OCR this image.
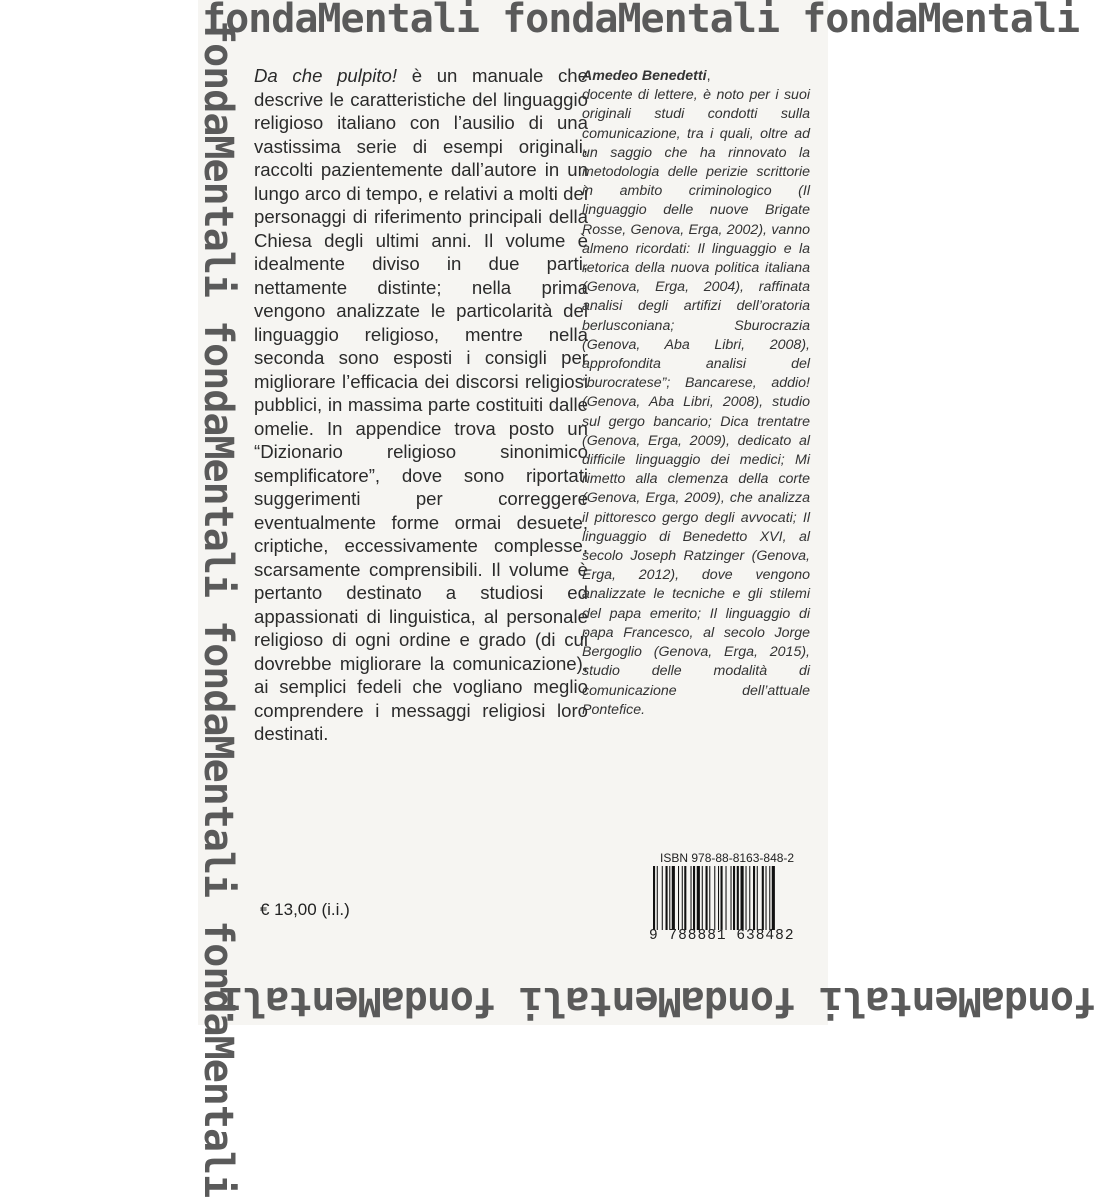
fondaMentali fondaMentali fondaMentali
fondaMentali fondaMentali fondaMentali fondaMentali
fondaMentali fondaMentali fondaMentali
Da che pulpito! è un manuale che descrive le caratteristiche del linguaggio religioso italiano con l’ausilio di una vastissima serie di esempi originali, raccolti pazientemente dall’autore in un lungo arco di tempo, e relativi a molti dei personaggi di riferimento principali della Chiesa degli ultimi anni. Il volume è idealmente diviso in due parti, nettamente distinte; nella prima vengono analizzate le particolarità del linguaggio religioso, mentre nella seconda sono esposti i consigli per migliorare l’efficacia dei discorsi religiosi pubblici, in massima parte costituiti dalle omelie. In appendice trova posto un “Dizionario religioso sinonimico semplificatore”, dove sono riportati suggerimenti per correggere eventualmente forme ormai desuete, criptiche, eccessivamente complesse, scarsamente comprensibili. Il volume è pertanto destinato a studiosi ed appassionati di linguistica, al personale religioso di ogni ordine e grado (di cui dovrebbe migliorare la comunicazione), ai semplici fedeli che vogliano meglio comprendere i messaggi religiosi loro destinati.
Amedeo Benedetti,
docente di lettere, è noto per i suoi originali studi condotti sulla comunicazione, tra i quali, oltre ad un saggio che ha rinnovato la metodologia delle perizie scrittorie in ambito criminologico (Il linguaggio delle nuove Brigate Rosse, Genova, Erga, 2002), vanno almeno ricordati: Il linguaggio e la retorica della nuova politica italiana (Genova, Erga, 2004), raffinata analisi degli artifizi dell’oratoria berlusconiana; Sburocrazia (Genova, Aba Libri, 2008), approfondita analisi del “burocratese”; Bancarese, addio! (Genova, Aba Libri, 2008), studio sul gergo bancario; Dica trentatre (Genova, Erga, 2009), dedicato al difficile linguaggio dei medici; Mi rimetto alla clemenza della corte (Genova, Erga, 2009), che analizza il pittoresco gergo degli avvocati; Il linguaggio di Benedetto XVI, al secolo Joseph Ratzinger (Genova, Erga, 2012), dove vengono analizzate le tecniche e gli stilemi del papa emerito; Il linguaggio di papa Francesco, al secolo Jorge Bergoglio (Genova, Erga, 2015), studio delle modalità di comunicazione dell’attuale Pontefice.
€ 13,00 (i.i.)
ISBN 978-88-8163-848-2
9 788881 638482
